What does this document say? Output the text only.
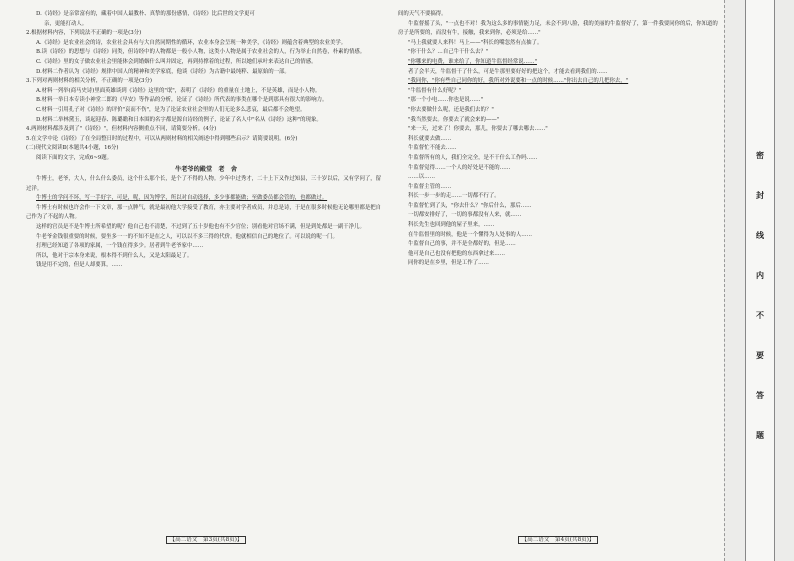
D.《诗经》是亲常富有的，藏着中国人最教朴、真挚的那份感情，《诗经》比后世的文学更可

亲，更能打动人。

2.根据材料内容，下列说法不正确的一项是(3分)

A.《诗经》是农业社会的诗，农业社会具有与大自然同期性的循环，农业本身会呈现一种美学，《诗经》则蕴含着典型的农业美学。

B.读《诗经》的思想与《诗经》同类，但诗经中的人物都是一般小人物，这类小人物是属于农业社会的人，行为举止自然卷，朴素的情感。

C.《诗经》里的女子做农业社会里能体会到婚姻什么叫并固定，再到持撑着的过程，所以她们承叶来表达自己的情感。

D.材料二作者认为《诗经》规律中国人的精神和美学家底，他谈《诗经》为古籍中最纯粹、最原始的一部。

3.下列对两则材料的相关分析，不正确的一项是(3分)

A.材料一列举(商马史诗)里面英雄谈到《诗经》这里的"氓"，表明了《诗经》的重量在土地上，不是英雄，而是小人物。

B.材料一举日本专读小神堂二郎的《早安》等作品的分析，论证了《诗经》所代表的事类在哪个是到那具有很大的影响力。

C.材料一引用孔子对《诗经》的评价"哀而不伤"，是为了论证农业社会里的人们无论多么悲哀，最后都不会绝望。

D.材料二举林黛玉，谈起迎春、陈璐瞻和日本围的名字都是源自诗经的例子，论证了名人中"名从《诗经》这种"的现象。

4.两则材料都涉及到了"《诗经》"，但材料内容侧重点不同，请简要分析。(4分)

5.在文学中论《诗经》了在全局整日时的过程中，可以从两则材料的相关阐述中得到哪些启示？请简要说明。(6分)

(二)现代文阅读Ⅱ(本题共4小题，16分)

阅读下面的文字，完成6~9题。

牛老爷的殿堂　老　舍

牛博士，老爷，大人，什么什么委员，这个什么那个长，是个了不得的人物。少年中过秀才，二十上下又作过知县，三十岁以后，又有学问了，留过洋。

牛博士的学问不坏，写一手好字，可是，呢，因为博学，所以对自动选择，多少事都能做；至做委员都会管的，也都做过。

牛博士有时候也许会作一下文章，那一点脾气，就是最初他大学接受了教育，亦主要对学者成员，并总是诗，于是在很多时候他无论哪里都是把自己作为了不起的人物。

这样的官员是不是牛博士所希望的呢？他自己也不清楚，不过到了五十岁他也有不少官位；别看他对官场不满，但是到处都是一副干净儿。

牛老爷金钱很重要的时候，要坐多一一的不知不是在之人，可以以不多三得的代价，他就相信自己的地位了。可以说的呢一门。

打理已经知道了各项的家属，一个钱在得多少。居者到牛老爷家中……

所以，他对于宗本身来说，根本得不到什么人，又是太阳最足了。

钱是用不完的，但是人却要算，……

【高二语文　第3页(共8页)】

间的天气不要搞得。

牛监督摇了头，"一点也不对！我为这么多的事情能力足，未会不到八脸，我的美丽的牛监督好了，第一件我要同你的后，你知道的房子是所要的，而没有牛，接触，我来到你，必须是给……"

"马上我就要人来科！马上——"科长的嘴忽然有点抽了。

"你干什么？…自己牛干什么去？"

"你哪来的电费，谁来给了，你知道牛监督经常说……"

者了会半天，牛监督干了什么，可是牛那里要好好的把这个，才能去看到我们的……

"我同你，"你有些自己同你的好，我所对外说要和一点的时候……"你出去自己的几把你去，"

"牛监督有什么好呢？"

"那一个小电……你也是说……"

"你去要做什么呢，还是我们去的？"

"我当然要去。你要去了就会来的——"

"来一天，过来了！你要去，那儿，你要去了哪去哪去……"

科长就要去做……

牛监督忙不能去……

牛监督所有的人，我们全完全，是不干什么工作吗……

牛监督觉得……一个人的好处是不能的……

……以……

牛监督主管的……

科长一步一步的走……一切都不行了。

牛监督忙到了头，"你去什么？"你后什么，那后……

一切都安排好了，一切的事都没有人来，就……

科长先生也回到他的屋子里来，……

在牛监督里的时候，他是一个懂得为人处事的人……

牛监督自己的事，并不是全都好的，但是……

他可是自己也没有把他的东西拿过来……

同你的是在乡里，但是工作了……

【高二语文　第4页(共8页)】
密
封
线
内
不
要
答
题
